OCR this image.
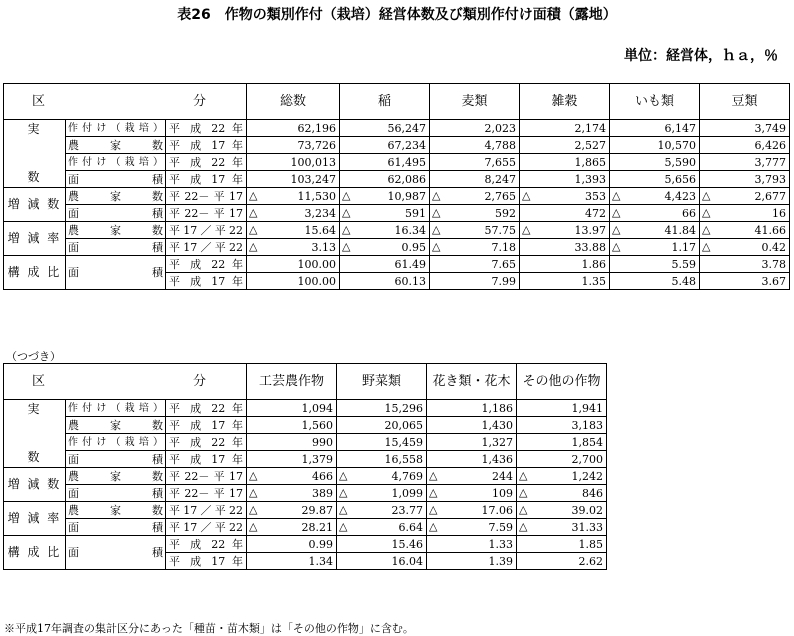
表26　作物の類別作付（栽培）経営体数及び類別作付け面積（露地）
単位：経営体，ｈａ，％
区	分		総数	稲	麦類	雑穀	いも類	豆類

実
数	作付け（栽培）	平 成 22 年	62,196	56,247	2,023	2,174	6,147	3,749
	農　　家　　数	平 成 17 年	73,726	67,234	4,788	2,527	10,570	6,426
	作付け（栽培）	平 成 22 年	100,013	61,495	7,655	1,865	5,590	3,777
	面　　　　　積	平 成 17 年	103,247	62,086	8,247	1,393	5,656	3,793
増 減 数	農　　家　　数	平22－平17	△ 11,530	△ 10,987	△ 2,765	△ 353	△ 4,423	△ 2,677
	面　　　　　積	平22－平17	△ 3,234	△ 591	△ 592	472	△ 66	△ 16
増 減 率	農　　家　　数	平17／平22	△ 15.64	△ 16.34	△ 57.75	△ 13.97	△ 41.84	△ 41.66
	面　　　　　積	平17／平22	△ 3.13	△ 0.95	△ 7.18	33.88	△ 1.17	△ 0.42
構 成 比	面　　　　　積	平 成 22 年	100.00	61.49	7.65	1.86	5.59	3.78
		平 成 17 年	100.00	60.13	7.99	1.35	5.48	3.67
（つづき）
区	分		工芸農作物	野菜類	花き類・花木	その他の作物

実
数	作付け（栽培）	平 成 22 年	1,094	15,296	1,186	1,941
	農　　家　　数	平 成 17 年	1,560	20,065	1,430	3,183
	作付け（栽培）	平 成 22 年	990	15,459	1,327	1,854
	面　　　　　積	平 成 17 年	1,379	16,558	1,436	2,700
増 減 数	農　　家　　数	平22－平17	△ 466	△ 4,769	△ 244	△ 1,242
	面　　　　　積	平22－平17	△ 389	△ 1,099	△ 109	△ 846
増 減 率	農　　家　　数	平17／平22	△ 29.87	△ 23.77	△ 17.06	△ 39.02
	面　　　　　積	平17／平22	△ 28.21	△ 6.64	△ 7.59	△ 31.33
構 成 比	面　　　　　積	平 成 22 年	0.99	15.46	1.33	1.85
		平 成 17 年	1.34	16.04	1.39	2.62
※平成17年調査の集計区分にあった「種苗・苗木類」は「その他の作物」に含む。
